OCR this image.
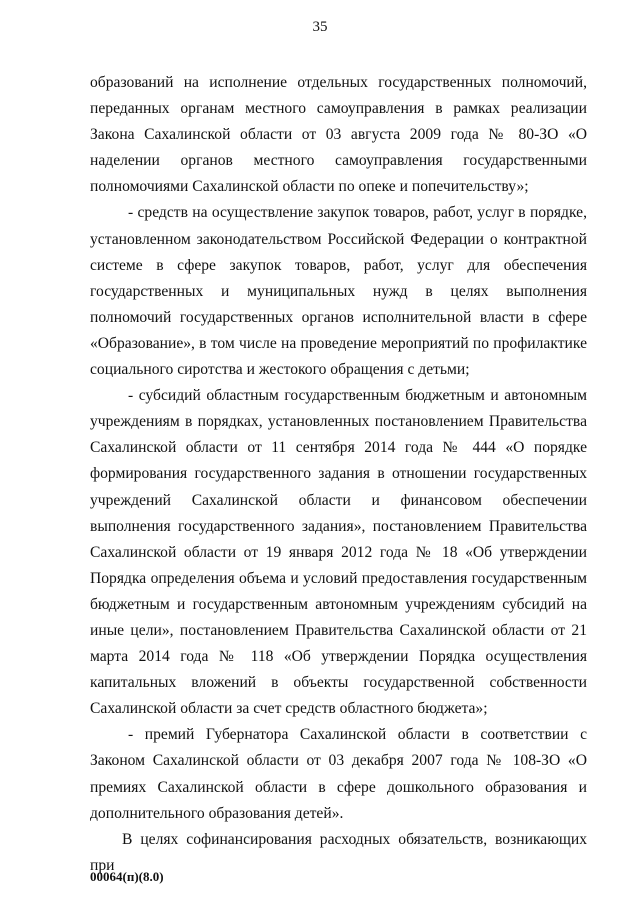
35

образований на исполнение отдельных государственных полномочий, переданных органам местного самоуправления в рамках реализации Закона Сахалинской области от 03 августа 2009 года № 80-ЗО «О наделении органов местного самоуправления государственными полномочиями Сахалинской области по опеке и попечительству»;

- средств на осуществление закупок товаров, работ, услуг в порядке, установленном законодательством Российской Федерации о контрактной системе в сфере закупок товаров, работ, услуг для обеспечения государственных и муниципальных нужд в целях выполнения полномочий государственных органов исполнительной власти в сфере «Образование», в том числе на проведение мероприятий по профилактике социального сиротства и жестокого обращения с детьми;

- субсидий областным государственным бюджетным и автономным учреждениям в порядках, установленных постановлением Правительства Сахалинской области от 11 сентября 2014 года № 444 «О порядке формирования государственного задания в отношении государственных учреждений Сахалинской области и финансовом обеспечении выполнения государственного задания», постановлением Правительства Сахалинской области от 19 января 2012 года № 18 «Об утверждении Порядка определения объема и условий предоставления государственным бюджетным и государственным автономным учреждениям субсидий на иные цели», постановлением Правительства Сахалинской области от 21 марта 2014 года № 118 «Об утверждении Порядка осуществления капитальных вложений в объекты государственной собственности Сахалинской области за счет средств областного бюджета»;

- премий Губернатора Сахалинской области в соответствии с Законом Сахалинской области от 03 декабря 2007 года № 108-ЗО «О премиях Сахалинской области в сфере дошкольного образования и дополнительного образования детей».

В целях софинансирования расходных обязательств, возникающих при

00064(п)(8.0)
